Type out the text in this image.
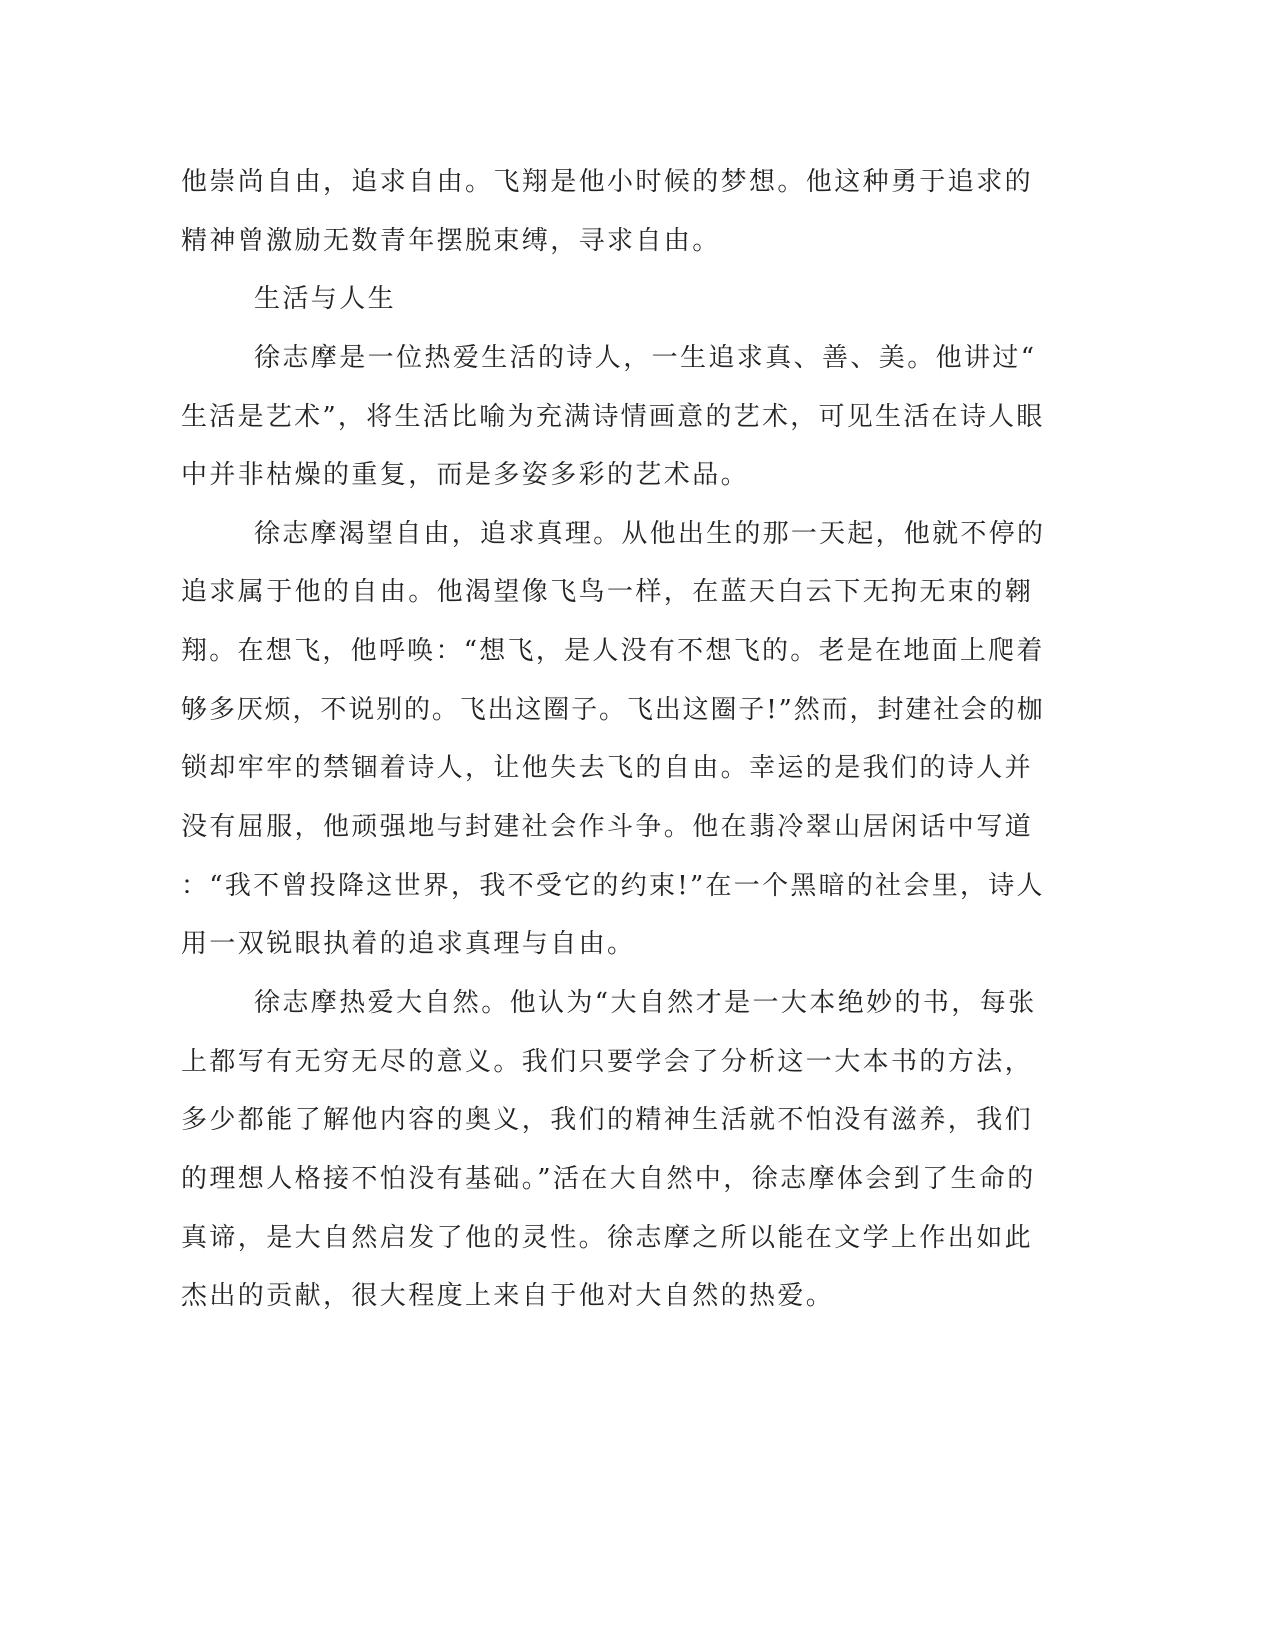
他崇尚自由，追求自由。飞翔是他小时候的梦想。他这种勇于追求的
精神曾激励无数青年摆脱束缚，寻求自由。
生活与人生
徐志摩是一位热爱生活的诗人，一生追求真、善、美。他讲过“
生活是艺术”，将生活比喻为充满诗情画意的艺术，可见生活在诗人眼
中并非枯燥的重复，而是多姿多彩的艺术品。
徐志摩渴望自由，追求真理。从他出生的那一天起，他就不停的
追求属于他的自由。他渴望像飞鸟一样，在蓝天白云下无拘无束的翱
翔。在想飞，他呼唤：“想飞，是人没有不想飞的。老是在地面上爬着
够多厌烦，不说别的。飞出这圈子。飞出这圈子!”然而，封建社会的枷
锁却牢牢的禁锢着诗人，让他失去飞的自由。幸运的是我们的诗人并
没有屈服，他顽强地与封建社会作斗争。他在翡冷翠山居闲话中写道
：“我不曾投降这世界，我不受它的约束!”在一个黑暗的社会里，诗人
用一双锐眼执着的追求真理与自由。
徐志摩热爱大自然。他认为“大自然才是一大本绝妙的书，每张
上都写有无穷无尽的意义。我们只要学会了分析这一大本书的方法，
多少都能了解他内容的奥义，我们的精神生活就不怕没有滋养，我们
的理想人格接不怕没有基础。”活在大自然中，徐志摩体会到了生命的
真谛，是大自然启发了他的灵性。徐志摩之所以能在文学上作出如此
杰出的贡献，很大程度上来自于他对大自然的热爱。
